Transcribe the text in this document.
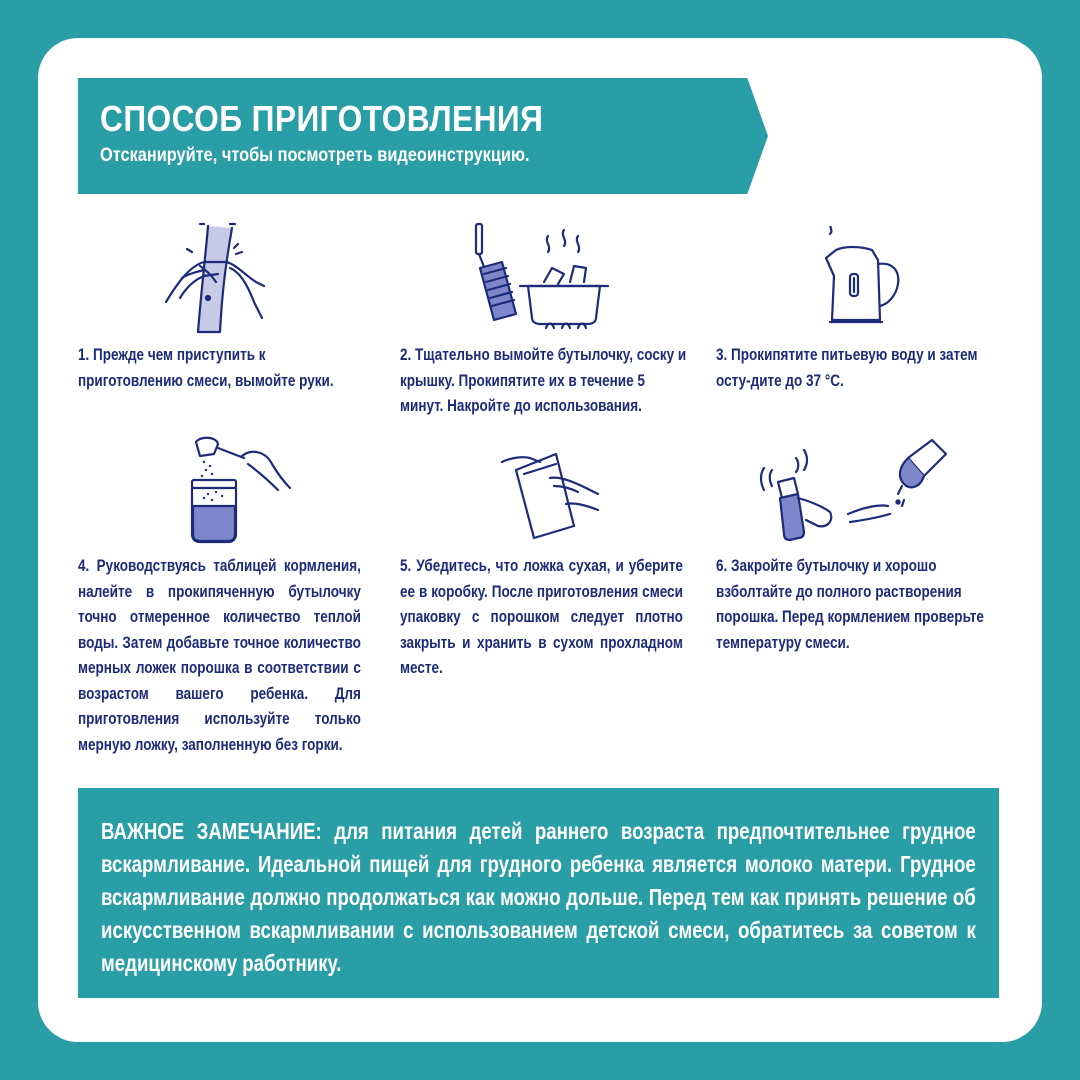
СПОСОБ ПРИГОТОВЛЕНИЯ
Отсканируйте, чтобы посмотреть видеоинструкцию.
1. Прежде чем приступить к приготовлению смеси, вымойте руки.
2. Тщательно вымойте бутылочку, соску и крышку. Прокипятите их в течение 5 минут. Накройте до использования.
3. Прокипятите питьевую воду и затем осту-дите до 37 °С.
4. Руководствуясь таблицей кормления, налейте в прокипяченную бутылочку точно отмеренное количество теплой воды. Затем добавьте точное количество мерных ложек порошка в соответствии с возрастом вашего ребенка. Для приготовления используйте только мерную ложку, заполненную без горки.
5. Убедитесь, что ложка сухая, и уберите ее в коробку. После приготовления смеси упаковку с порошком следует плотно закрыть и хранить в сухом прохладном месте.
6. Закройте бутылочку и хорошо взболтайте до полного растворения порошка. Перед кормлением проверьте температуру смеси.
ВАЖНОЕ ЗАМЕЧАНИЕ: для питания детей раннего возраста предпочтительнее грудное вскармливание. Идеальной пищей для грудного ребенка является молоко матери. Грудное вскармливание должно продолжаться как можно дольше. Перед тем как принять решение об искусственном вскармливании с использованием детской смеси, обратитесь за советом к медицинскому работнику.
